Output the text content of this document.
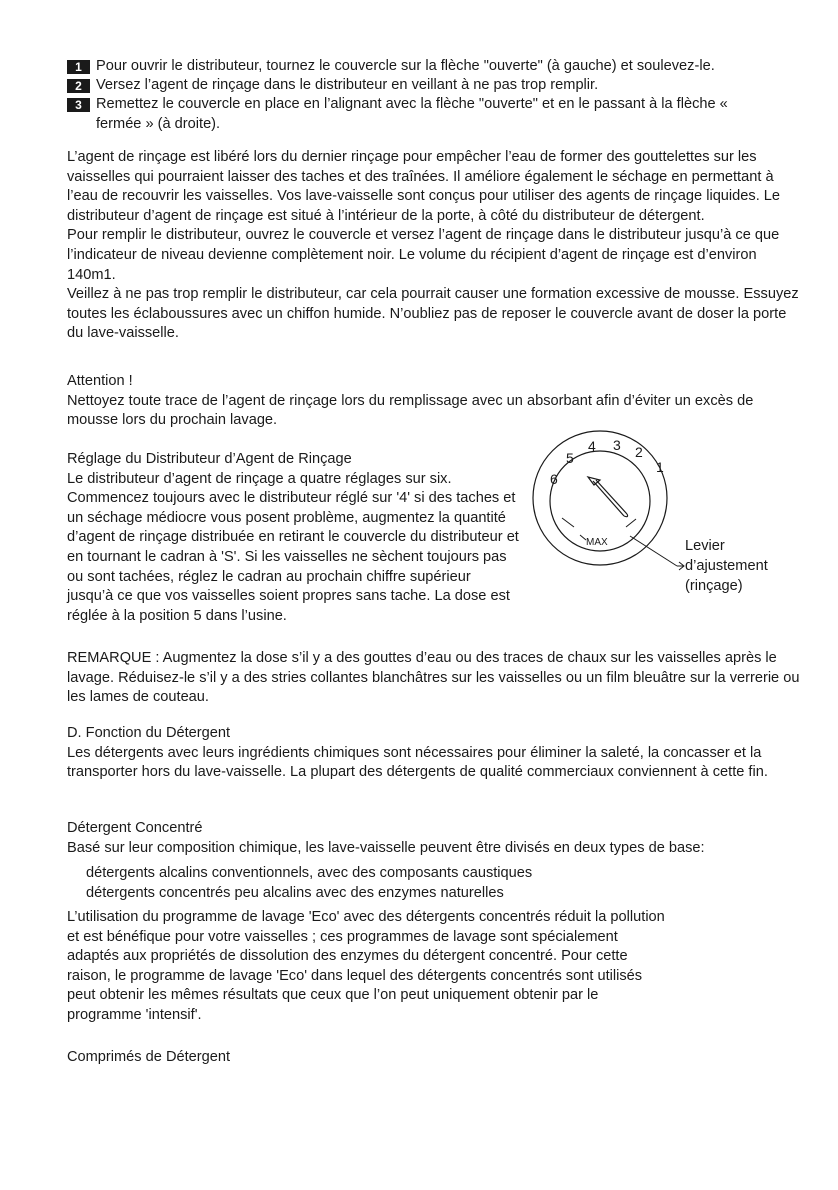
1 Pour ouvrir le distributeur, tournez le couvercle sur la flèche "ouverte" (à gauche) et soulevez-le.
2 Versez l’agent de rinçage dans le distributeur en veillant à ne pas trop remplir.
3 Remettez le couvercle en place en l’alignant avec la flèche "ouverte" et en le passant à la flèche «
fermée » (à droite).

L’agent de rinçage est libéré lors du dernier rinçage pour empêcher l’eau de former des gouttelettes sur les vaisselles qui pourraient laisser des taches et des traînées. Il améliore également le séchage en permettant à l’eau de recouvrir les vaisselles. Vos lave-vaisselle sont conçus pour utiliser des agents de rinçage liquides. Le distributeur d’agent de rinçage est situé à l’intérieur de la porte, à côté du distributeur de détergent.

Pour remplir le distributeur, ouvrez le couvercle et versez l’agent de rinçage dans le distributeur jusqu’à ce que l’indicateur de niveau devienne complètement noir. Le volume du récipient d’agent de rinçage est d’environ 140m1.

Veillez à ne pas trop remplir le distributeur, car cela pourrait causer une formation excessive de mousse. Essuyez toutes les éclaboussures avec un chiffon humide. N’oubliez pas de reposer le couvercle avant de doser la porte du lave-vaisselle.

Attention !

Nettoyez toute trace de l’agent de rinçage lors du remplissage avec un absorbant afin d’éviter un excès de mousse lors du prochain lavage.

Réglage du Distributeur d’Agent de Rinçage

Le distributeur d’agent de rinçage a quatre réglages sur six. Commencez toujours avec le distributeur réglé sur '4' si des taches et un séchage médiocre vous posent problème, augmentez la quantité d’agent de rinçage distribuée en retirant le couvercle du distributeur et en tournant le cadran à 'S'. Si les vaisselles ne sèchent toujours pas ou sont tachées, réglez le cadran au prochain chiffre supérieur jusqu’à ce que vos vaisselles soient propres sans tache. La dose est réglée à la position 5 dans l’usine.

MAX
1
2
3
4
5
6
Levier
d’ajustement
(rinçage)

REMARQUE : Augmentez la dose s’il y a des gouttes d’eau ou des traces de chaux sur les vaisselles après le lavage. Réduisez-le s’il y a des stries collantes blanchâtres sur les vaisselles ou un film bleuâtre sur la verrerie ou les lames de couteau.

D. Fonction du Détergent

Les détergents avec leurs ingrédients chimiques sont nécessaires pour éliminer la saleté, la concasser et la transporter hors du lave-vaisselle. La plupart des détergents de qualité commerciaux conviennent à cette fin.

Détergent Concentré

Basé sur leur composition chimique, les lave-vaisselle peuvent être divisés en deux types de base:

détergents alcalins conventionnels, avec des composants caustiques
détergents concentrés peu alcalins avec des enzymes naturelles

L’utilisation du programme de lavage 'Eco' avec des détergents concentrés réduit la pollution et est bénéfique pour votre vaisselles ; ces programmes de lavage sont spécialement adaptés aux propriétés de dissolution des enzymes du détergent concentré. Pour cette raison, le programme de lavage 'Eco' dans lequel des détergents concentrés sont utilisés peut obtenir les mêmes résultats que ceux que l’on peut uniquement obtenir par le programme 'intensif'.

Comprimés de Détergent
